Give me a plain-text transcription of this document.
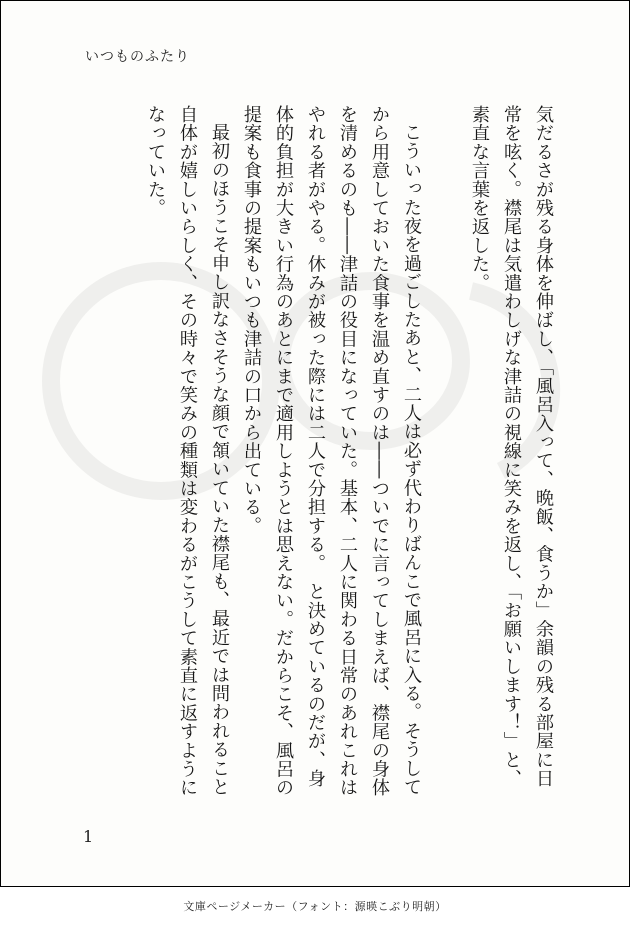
いつものふたり

気だるさが残る身体を伸ばし、「風呂入って、晩飯、食うか」余韻の残る部屋に日常を呟く。襟尾は気遣わしげな津詰の視線に笑みを返し、「お願いします！」と、素直な言葉を返した。

こういった夜を過ごしたあと、二人は必ず代わりばんこで風呂に入る。そうしてから用意しておいた食事を温め直すのは――ついでに言ってしまえば、襟尾の身体を清めるのも――津詰の役目になっていた。基本、二人に関わる日常のあれこれは　やれる者がやる。休みが被った際には二人で分担する。　と決めているのだが、身体的負担が大きい行為のあとにまで適用しようとは思えない。だからこそ、風呂の提案も食事の提案もいつも津詰の口から出ている。

最初のほうこそ申し訳なさそうな顔で頷いていた襟尾も、最近では問われること自体が嬉しいらしく、その時々で笑みの種類は変わるがこうして素直に返すようになっていた。

1
文庫ページメーカー（フォント：源暎こぶり明朝）
